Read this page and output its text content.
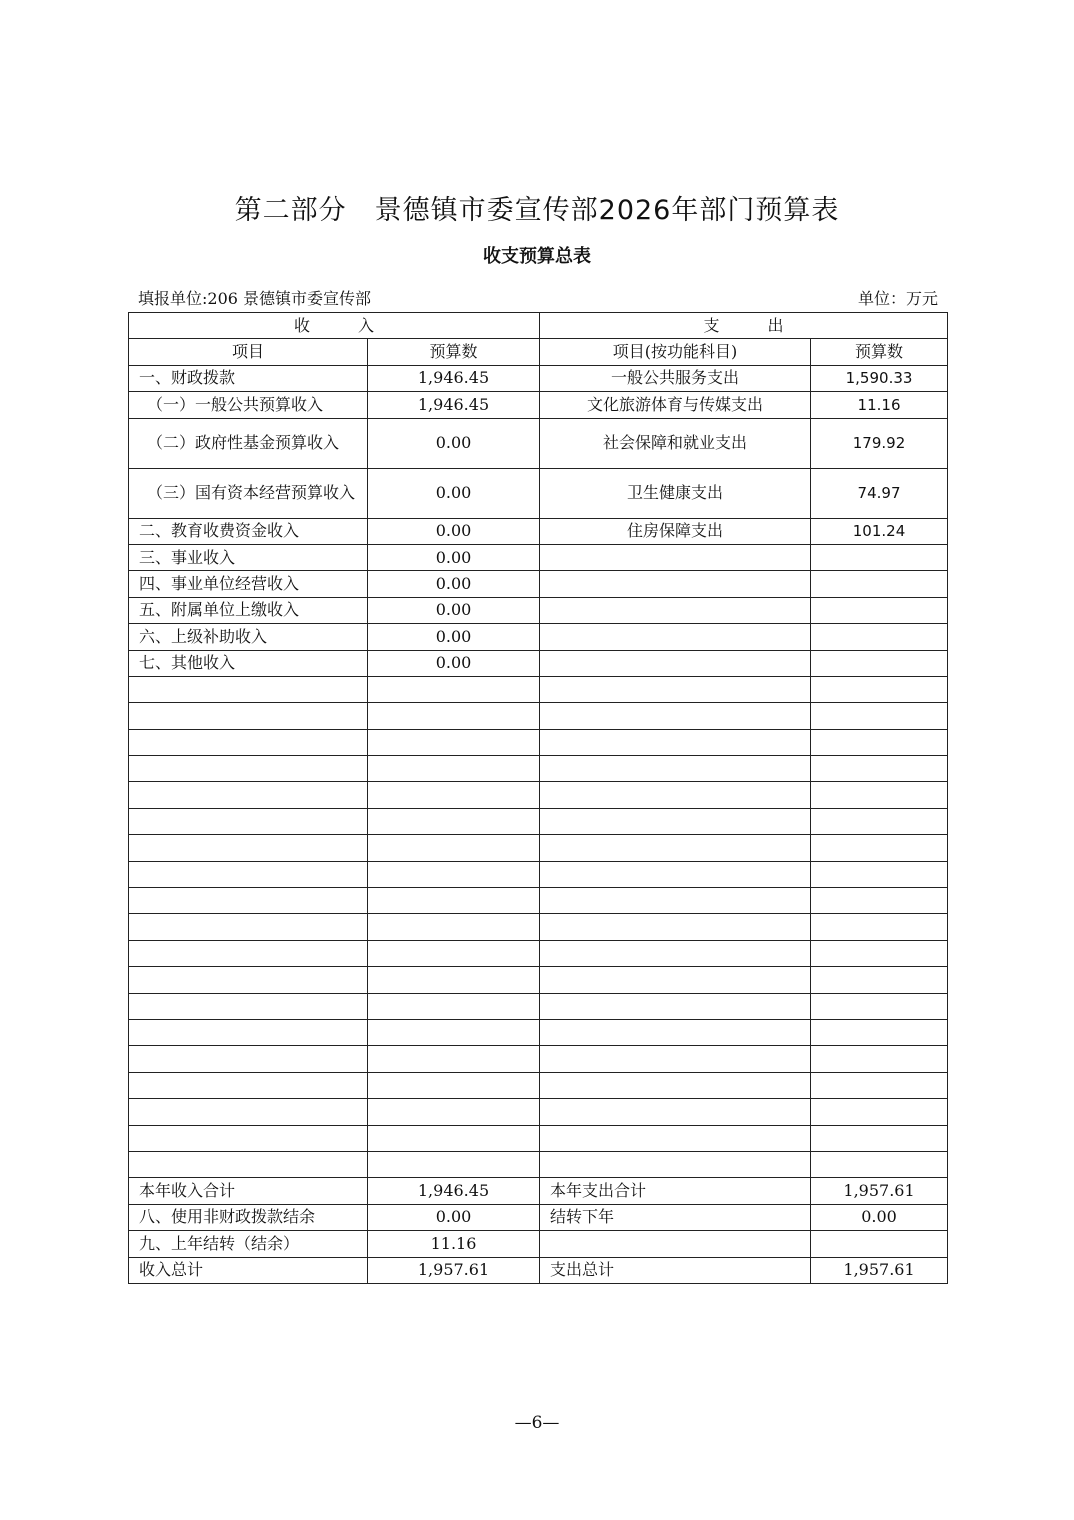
第二部分　景德镇市委宣传部2026年部门预算表
收支预算总表
填报单位:206 景德镇市委宣传部	单位：万元
收　　　入		支　　　出	
项目	预算数	项目(按功能科目)	预算数
一、财政拨款	1,946.45	一般公共服务支出	1,590.33
　（一）一般公共预算收入	1,946.45	文化旅游体育与传媒支出	11.16
　（二）政府性基金预算收入	0.00	社会保障和就业支出	179.92
　（三）国有资本经营预算收入	0.00	卫生健康支出	74.97
二、教育收费资金收入	0.00	住房保障支出	101.24
三、事业收入	0.00		
四、事业单位经营收入	0.00		
五、附属单位上缴收入	0.00		
六、上级补助收入	0.00		
七、其他收入	0.00		

本年收入合计	1,946.45	本年支出合计	1,957.61
八、使用非财政拨款结余	0.00	结转下年	0.00
九、上年结转（结余）	11.16		
收入总计	1,957.61	支出总计	1,957.61
—6—
